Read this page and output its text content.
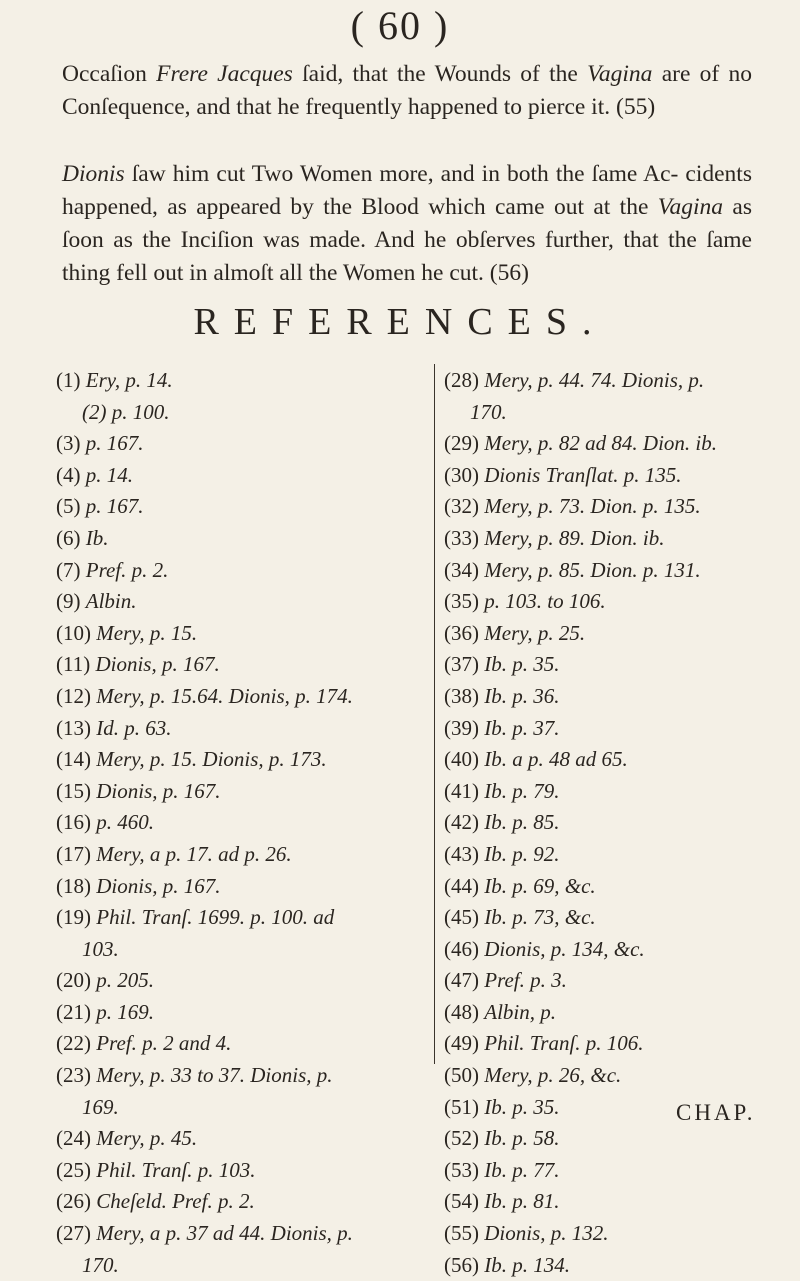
( 60 )
Occaſion Frere Jacques ſaid, that the Wounds of the Vagina are of no Conſequence, and that he frequently happened to pierce it. (55)
Dionis ſaw him cut Two Women more, and in both the ſame Ac- cidents happened, as appeared by the Blood which came out at the Vagina as ſoon as the Inciſion was made. And he obſerves further, that the ſame thing fell out in almoſt all the Women he cut. (56)
REFERENCES.
(1) Ery, p. 14.
(2) p. 100.
(3) p. 167.
(4) p. 14.
(5) p. 167.
(6) Ib.
(7) Pref. p. 2.
(9) Albin.
(10) Mery, p. 15.
(11) Dionis, p. 167.
(12) Mery, p. 15.64. Dionis, p. 174.
(13) Id. p. 63.
(14) Mery, p. 15. Dionis, p. 173.
(15) Dionis, p. 167.
(16) p. 460.
(17) Mery, a p. 17. ad p. 26.
(18) Dionis, p. 167.
(19) Phil. Tranſ. 1699. p. 100. ad
103.
(20) p. 205.
(21) p. 169.
(22) Pref. p. 2 and 4.
(23) Mery, p. 33 to 37. Dionis, p.
169.
(24) Mery, p. 45.
(25) Phil. Tranſ. p. 103.
(26) Cheſeld. Pref. p. 2.
(27) Mery, a p. 37 ad 44. Dionis, p.
170.
(28) Mery, p. 44. 74. Dionis, p.
170.
(29) Mery, p. 82 ad 84. Dion. ib.
(30) Dionis Tranſlat. p. 135.
(32) Mery, p. 73. Dion. p. 135.
(33) Mery, p. 89. Dion. ib.
(34) Mery, p. 85. Dion. p. 131.
(35) p. 103. to 106.
(36) Mery, p. 25.
(37) Ib. p. 35.
(38) Ib. p. 36.
(39) Ib. p. 37.
(40) Ib. a p. 48 ad 65.
(41) Ib. p. 79.
(42) Ib. p. 85.
(43) Ib. p. 92.
(44) Ib. p. 69, &c.
(45) Ib. p. 73, &c.
(46) Dionis, p. 134, &c.
(47) Pref. p. 3.
(48) Albin, p.
(49) Phil. Tranſ. p. 106.
(50) Mery, p. 26, &c.
(51) Ib. p. 35.
(52) Ib. p. 58.
(53) Ib. p. 77.
(54) Ib. p. 81.
(55) Dionis, p. 132.
(56) Ib. p. 134.
CHAP.
